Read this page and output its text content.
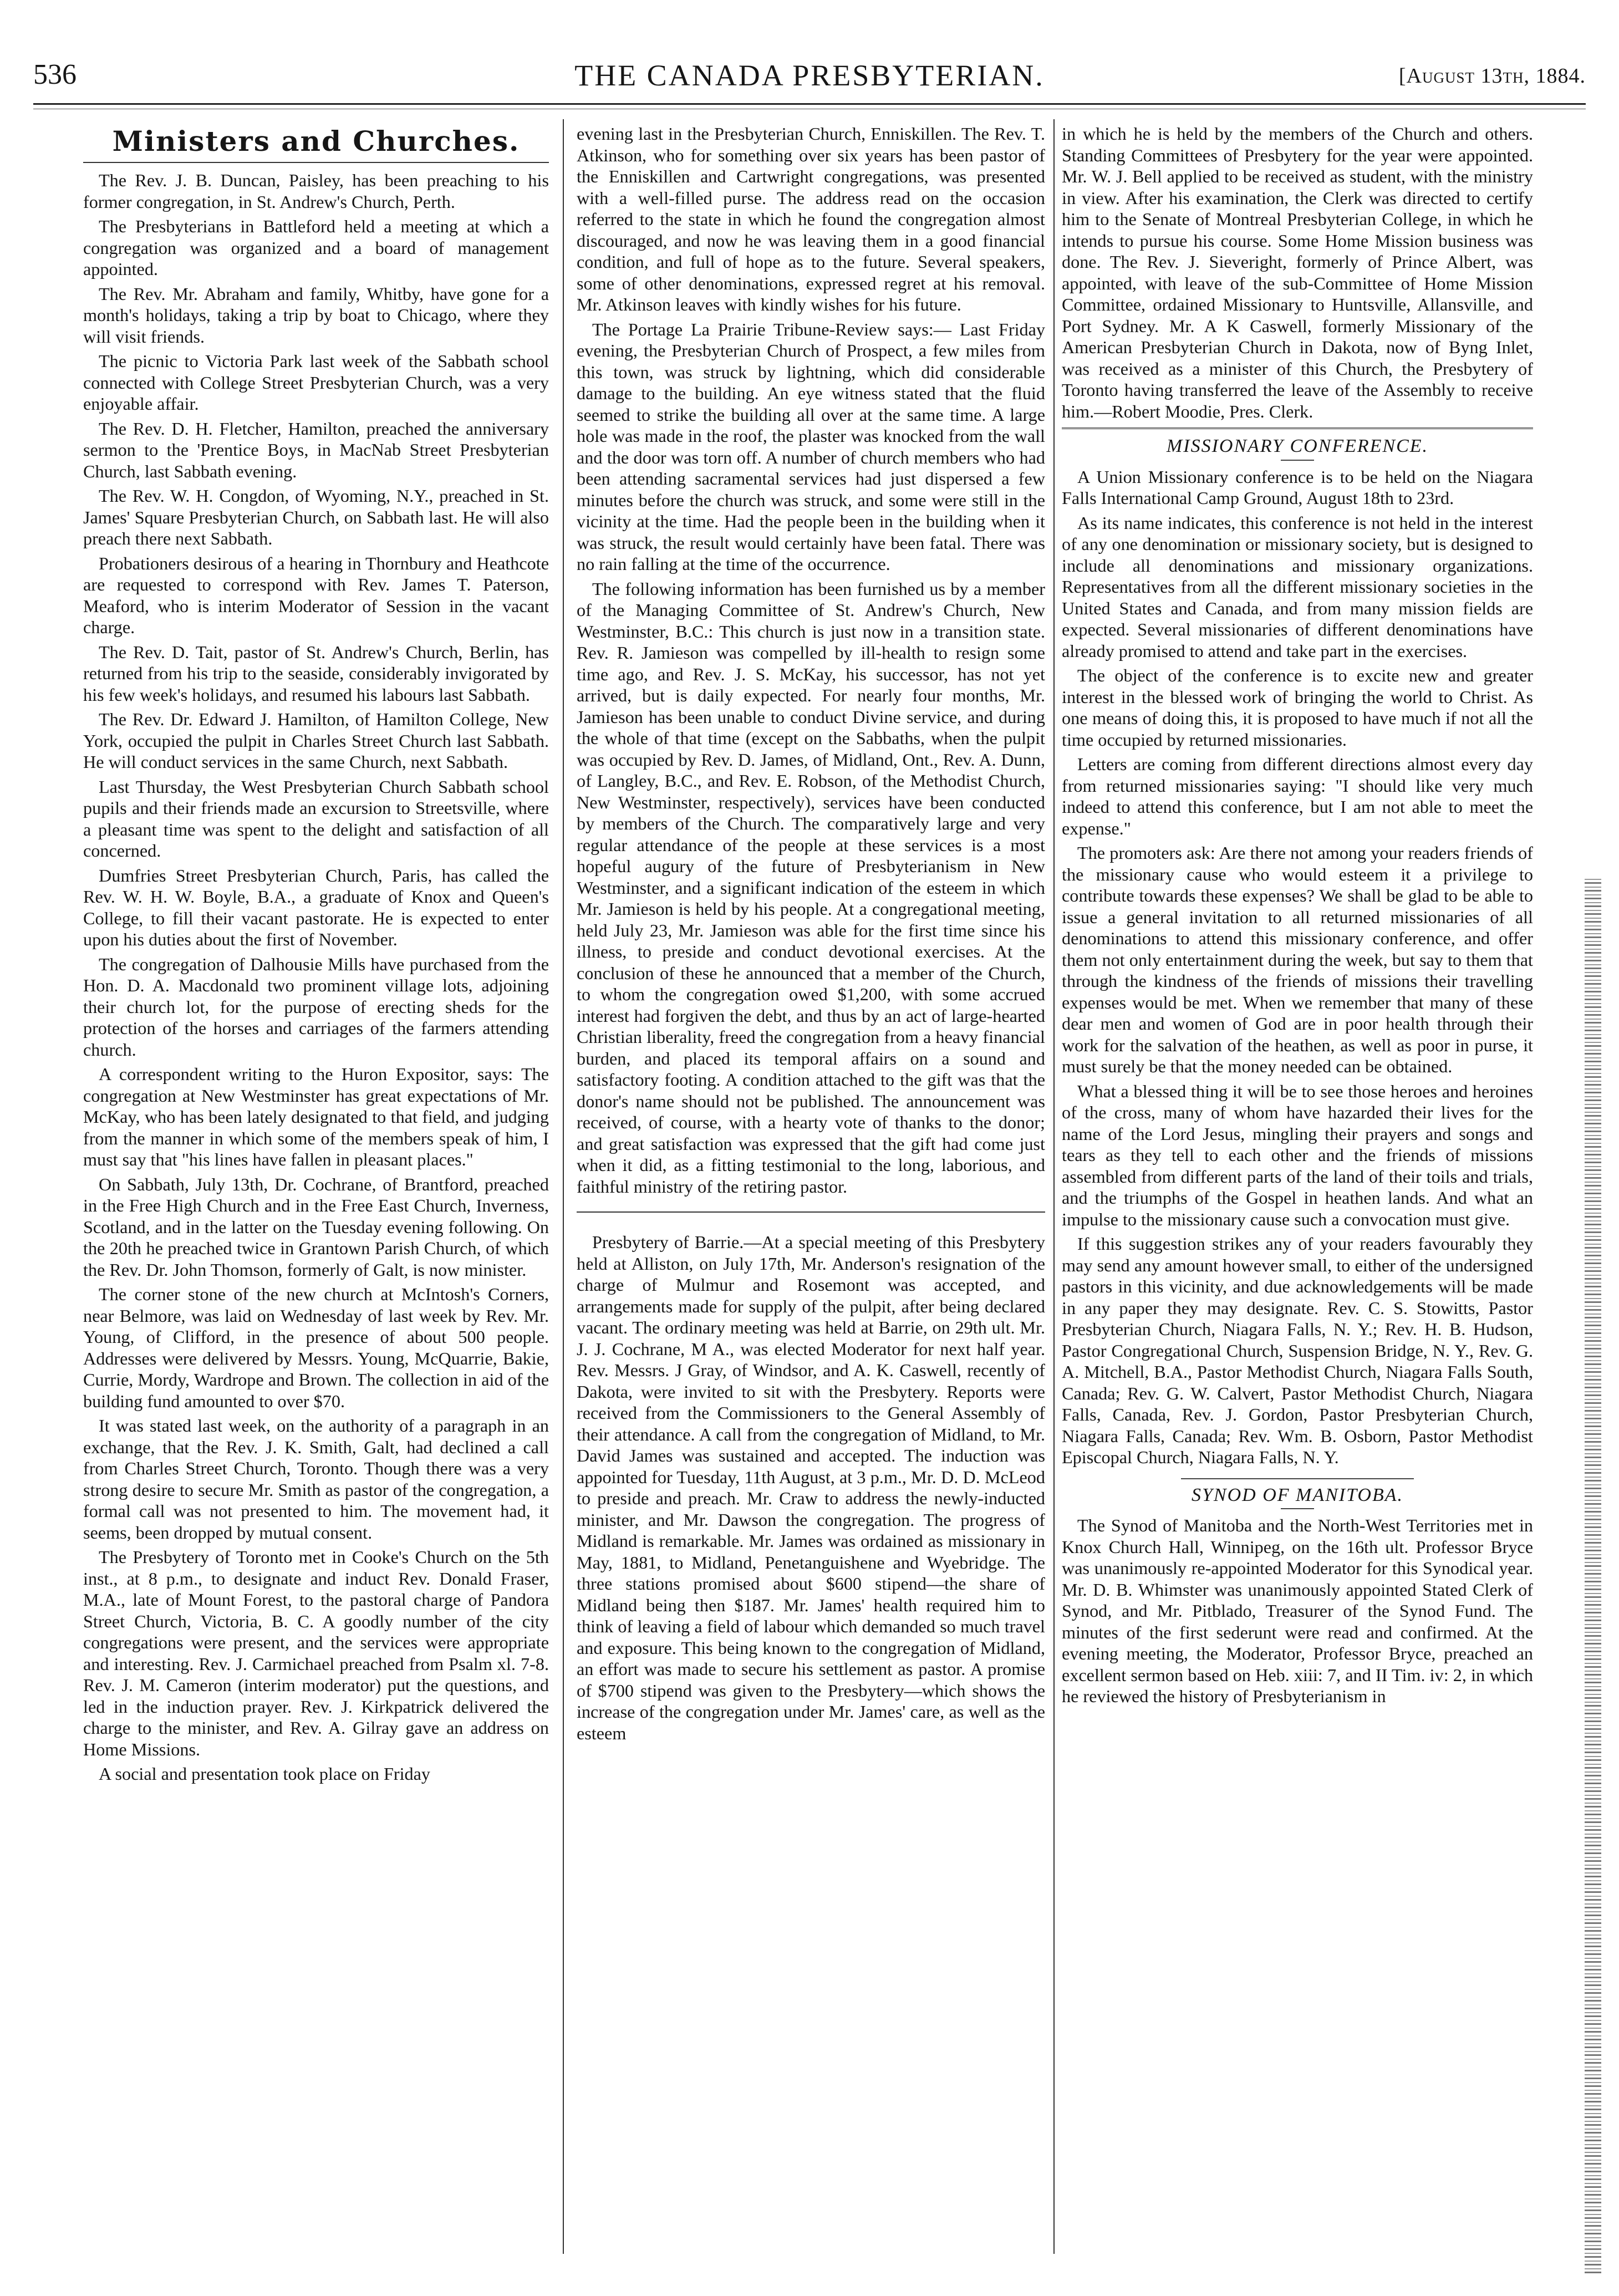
536	THE CANADA PRESBYTERIAN.	[August 13th, 1884.
Ministers and Churches.

The Rev. J. B. Duncan, Paisley, has been preaching to his former congregation, in St. Andrew's Church, Perth.

The Presbyterians in Battleford held a meeting at which a congregation was organized and a board of management appointed.

The Rev. Mr. Abraham and family, Whitby, have gone for a month's holidays, taking a trip by boat to Chicago, where they will visit friends.

The picnic to Victoria Park last week of the Sabbath school connected with College Street Presbyterian Church, was a very enjoyable affair.

The Rev. D. H. Fletcher, Hamilton, preached the anniversary sermon to the 'Prentice Boys, in MacNab Street Presbyterian Church, last Sabbath evening.

The Rev. W. H. Congdon, of Wyoming, N.Y., preached in St. James' Square Presbyterian Church, on Sabbath last. He will also preach there next Sabbath.

Probationers desirous of a hearing in Thornbury and Heathcote are requested to correspond with Rev. James T. Paterson, Meaford, who is interim Moderator of Session in the vacant charge.

The Rev. D. Tait, pastor of St. Andrew's Church, Berlin, has returned from his trip to the seaside, considerably invigorated by his few week's holidays, and resumed his labours last Sabbath.

The Rev. Dr. Edward J. Hamilton, of Hamilton College, New York, occupied the pulpit in Charles Street Church last Sabbath. He will conduct services in the same Church, next Sabbath.

Last Thursday, the West Presbyterian Church Sabbath school pupils and their friends made an excursion to Streetsville, where a pleasant time was spent to the delight and satisfaction of all concerned.

Dumfries Street Presbyterian Church, Paris, has called the Rev. W. H. W. Boyle, B.A., a graduate of Knox and Queen's College, to fill their vacant pastorate. He is expected to enter upon his duties about the first of November.

The congregation of Dalhousie Mills have purchased from the Hon. D. A. Macdonald two prominent village lots, adjoining their church lot, for the purpose of erecting sheds for the protection of the horses and carriages of the farmers attending church.

A correspondent writing to the Huron Expositor, says: The congregation at New Westminster has great expectations of Mr. McKay, who has been lately designated to that field, and judging from the manner in which some of the members speak of him, I must say that "his lines have fallen in pleasant places."

On Sabbath, July 13th, Dr. Cochrane, of Brantford, preached in the Free High Church and in the Free East Church, Inverness, Scotland, and in the latter on the Tuesday evening following. On the 20th he preached twice in Grantown Parish Church, of which the Rev. Dr. John Thomson, formerly of Galt, is now minister.

The corner stone of the new church at McIntosh's Corners, near Belmore, was laid on Wednesday of last week by Rev. Mr. Young, of Clifford, in the presence of about 500 people. Addresses were delivered by Messrs. Young, McQuarrie, Bakie, Currie, Mordy, Wardrope and Brown. The collection in aid of the building fund amounted to over $70.

It was stated last week, on the authority of a paragraph in an exchange, that the Rev. J. K. Smith, Galt, had declined a call from Charles Street Church, Toronto. Though there was a very strong desire to secure Mr. Smith as pastor of the congregation, a formal call was not presented to him. The movement had, it seems, been dropped by mutual consent.

The Presbytery of Toronto met in Cooke's Church on the 5th inst., at 8 p.m., to designate and induct Rev. Donald Fraser, M.A., late of Mount Forest, to the pastoral charge of Pandora Street Church, Victoria, B. C. A goodly number of the city congregations were present, and the services were appropriate and interesting. Rev. J. Carmichael preached from Psalm xl. 7-8. Rev. J. M. Cameron (interim moderator) put the questions, and led in the induction prayer. Rev. J. Kirkpatrick delivered the charge to the minister, and Rev. A. Gilray gave an address on Home Missions.

A social and presentation took place on Friday

evening last in the Presbyterian Church, Enniskillen. The Rev. T. Atkinson, who for something over six years has been pastor of the Enniskillen and Cartwright congregations, was presented with a well-filled purse. The address read on the occasion referred to the state in which he found the congregation almost discouraged, and now he was leaving them in a good financial condition, and full of hope as to the future. Several speakers, some of other denominations, expressed regret at his removal. Mr. Atkinson leaves with kindly wishes for his future.

The Portage La Prairie Tribune-Review says:— Last Friday evening, the Presbyterian Church of Prospect, a few miles from this town, was struck by lightning, which did considerable damage to the building. An eye witness stated that the fluid seemed to strike the building all over at the same time. A large hole was made in the roof, the plaster was knocked from the wall and the door was torn off. A number of church members who had been attending sacramental services had just dispersed a few minutes before the church was struck, and some were still in the vicinity at the time. Had the people been in the building when it was struck, the result would certainly have been fatal. There was no rain falling at the time of the occurrence.

The following information has been furnished us by a member of the Managing Committee of St. Andrew's Church, New Westminster, B.C.: This church is just now in a transition state. Rev. R. Jamieson was compelled by ill-health to resign some time ago, and Rev. J. S. McKay, his successor, has not yet arrived, but is daily expected. For nearly four months, Mr. Jamieson has been unable to conduct Divine service, and during the whole of that time (except on the Sabbaths, when the pulpit was occupied by Rev. D. James, of Midland, Ont., Rev. A. Dunn, of Langley, B.C., and Rev. E. Robson, of the Methodist Church, New Westminster, respectively), services have been conducted by members of the Church. The comparatively large and very regular attendance of the people at these services is a most hopeful augury of the future of Presbyterianism in New Westminster, and a significant indication of the esteem in which Mr. Jamieson is held by his people. At a congregational meeting, held July 23, Mr. Jamieson was able for the first time since his illness, to preside and conduct devotional exercises. At the conclusion of these he announced that a member of the Church, to whom the congregation owed $1,200, with some accrued interest had forgiven the debt, and thus by an act of large-hearted Christian liberality, freed the congregation from a heavy financial burden, and placed its temporal affairs on a sound and satisfactory footing. A condition attached to the gift was that the donor's name should not be published. The announcement was received, of course, with a hearty vote of thanks to the donor; and great satisfaction was expressed that the gift had come just when it did, as a fitting testimonial to the long, laborious, and faithful ministry of the retiring pastor.

Presbytery of Barrie.—At a special meeting of this Presbytery held at Alliston, on July 17th, Mr. Anderson's resignation of the charge of Mulmur and Rosemont was accepted, and arrangements made for supply of the pulpit, after being declared vacant. The ordinary meeting was held at Barrie, on 29th ult. Mr. J. J. Cochrane, M A., was elected Moderator for next half year. Rev. Messrs. J Gray, of Windsor, and A. K. Caswell, recently of Dakota, were invited to sit with the Presbytery. Reports were received from the Commissioners to the General Assembly of their attendance. A call from the congregation of Midland, to Mr. David James was sustained and accepted. The induction was appointed for Tuesday, 11th August, at 3 p.m., Mr. D. D. McLeod to preside and preach. Mr. Craw to address the newly-inducted minister, and Mr. Dawson the congregation. The progress of Midland is remarkable. Mr. James was ordained as missionary in May, 1881, to Midland, Penetanguishene and Wyebridge. The three stations promised about $600 stipend—the share of Midland being then $187. Mr. James' health required him to think of leaving a field of labour which demanded so much travel and exposure. This being known to the congregation of Midland, an effort was made to secure his settlement as pastor. A promise of $700 stipend was given to the Presbytery—which shows the increase of the congregation under Mr. James' care, as well as the esteem

in which he is held by the members of the Church and others. Standing Committees of Presbytery for the year were appointed. Mr. W. J. Bell applied to be received as student, with the ministry in view. After his examination, the Clerk was directed to certify him to the Senate of Montreal Presbyterian College, in which he intends to pursue his course. Some Home Mission business was done. The Rev. J. Sieveright, formerly of Prince Albert, was appointed, with leave of the sub-Committee of Home Mission Committee, ordained Missionary to Huntsville, Allansville, and Port Sydney. Mr. A K Caswell, formerly Missionary of the American Presbyterian Church in Dakota, now of Byng Inlet, was received as a minister of this Church, the Presbytery of Toronto having transferred the leave of the Assembly to receive him.—Robert Moodie, Pres. Clerk.

MISSIONARY CONFERENCE.

A Union Missionary conference is to be held on the Niagara Falls International Camp Ground, August 18th to 23rd.

As its name indicates, this conference is not held in the interest of any one denomination or missionary society, but is designed to include all denominations and missionary organizations. Representatives from all the different missionary societies in the United States and Canada, and from many mission fields are expected. Several missionaries of different denominations have already promised to attend and take part in the exercises.

The object of the conference is to excite new and greater interest in the blessed work of bringing the world to Christ. As one means of doing this, it is proposed to have much if not all the time occupied by returned missionaries.

Letters are coming from different directions almost every day from returned missionaries saying: "I should like very much indeed to attend this conference, but I am not able to meet the expense."

The promoters ask: Are there not among your readers friends of the missionary cause who would esteem it a privilege to contribute towards these expenses? We shall be glad to be able to issue a general invitation to all returned missionaries of all denominations to attend this missionary conference, and offer them not only entertainment during the week, but say to them that through the kindness of the friends of missions their travelling expenses would be met. When we remember that many of these dear men and women of God are in poor health through their work for the salvation of the heathen, as well as poor in purse, it must surely be that the money needed can be obtained.

What a blessed thing it will be to see those heroes and heroines of the cross, many of whom have hazarded their lives for the name of the Lord Jesus, mingling their prayers and songs and tears as they tell to each other and the friends of missions assembled from different parts of the land of their toils and trials, and the triumphs of the Gospel in heathen lands. And what an impulse to the missionary cause such a convocation must give.

If this suggestion strikes any of your readers favourably they may send any amount however small, to either of the undersigned pastors in this vicinity, and due acknowledgements will be made in any paper they may designate. Rev. C. S. Stowitts, Pastor Presbyterian Church, Niagara Falls, N. Y.; Rev. H. B. Hudson, Pastor Congregational Church, Suspension Bridge, N. Y., Rev. G. A. Mitchell, B.A., Pastor Methodist Church, Niagara Falls South, Canada; Rev. G. W. Calvert, Pastor Methodist Church, Niagara Falls, Canada, Rev. J. Gordon, Pastor Presbyterian Church, Niagara Falls, Canada; Rev. Wm. B. Osborn, Pastor Methodist Episcopal Church, Niagara Falls, N. Y.

SYNOD OF MANITOBA.

The Synod of Manitoba and the North-West Territories met in Knox Church Hall, Winnipeg, on the 16th ult. Professor Bryce was unanimously re-appointed Moderator for this Synodical year. Mr. D. B. Whimster was unanimously appointed Stated Clerk of Synod, and Mr. Pitblado, Treasurer of the Synod Fund. The minutes of the first sederunt were read and confirmed. At the evening meeting, the Moderator, Professor Bryce, preached an excellent sermon based on Heb. xiii: 7, and II Tim. iv: 2, in which he reviewed the history of Presbyterianism in
